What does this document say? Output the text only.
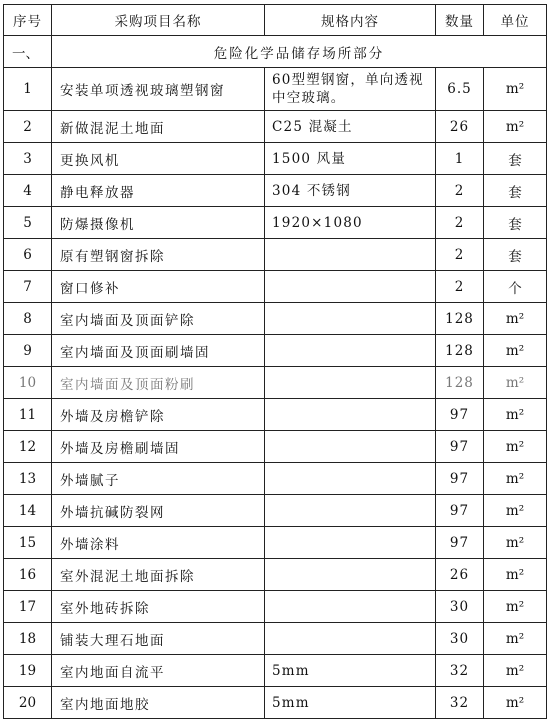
序号	采购项目名称	规格内容	数量	单位
一、	危险化学品储存场所部分			
1	安装单项透视玻璃塑钢窗	60型塑钢窗，单向透视中空玻璃。	6.5	m²
2	新做混泥土地面	C25 混凝土	26	m²
3	更换风机	1500 风量	1	套
4	静电释放器	304 不锈钢	2	套
5	防爆摄像机	1920×1080	2	套
6	原有塑钢窗拆除		2	套
7	窗口修补		2	个
8	室内墙面及顶面铲除		128	m²
9	室内墙面及顶面刷墙固		128	m²
10	室内墙面及顶面粉刷		128	m²
11	外墙及房檐铲除		97	m²
12	外墙及房檐刷墙固		97	m²
13	外墙腻子		97	m²
14	外墙抗碱防裂网		97	m²
15	外墙涂料		97	m²
16	室外混泥土地面拆除		26	m²
17	室外地砖拆除		30	m²
18	铺装大理石地面		30	m²
19	室内地面自流平	5mm	32	m²
20	室内地面地胶	5mm	32	m²
